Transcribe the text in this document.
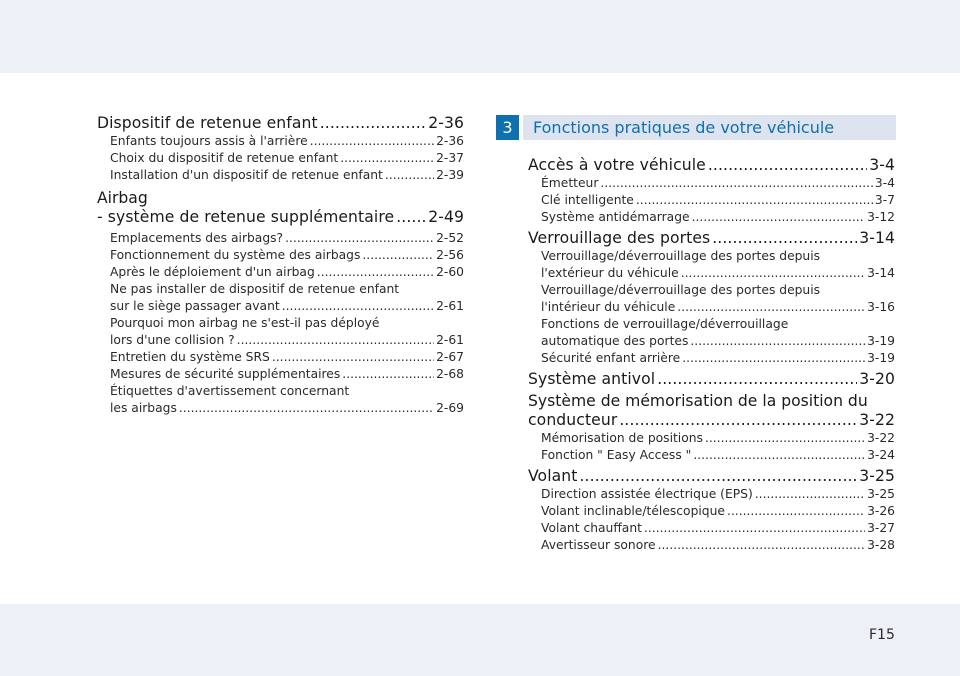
Dispositif de retenue enfant .....	2-36
Enfants toujours assis à l'arrière .....	2-36
Choix du dispositif de retenue enfant .....	2-37
Installation d'un dispositif de retenue enfant .....	2-39
Airbag
- système de retenue supplémentaire ..... 2-49
Emplacements des airbags? .....	2-52
Fonctionnement du système des airbags .....	2-56
Après le déploiement d'un airbag .....	2-60
Ne pas installer de dispositif de retenue enfant
sur le siège passager avant .....	2-61
Pourquoi mon airbag ne s'est-il pas déployé
lors d'une collision ? .....	2-61
Entretien du système SRS .....	2-67
Mesures de sécurité supplémentaires .....	2-68
Étiquettes d'avertissement concernant
les airbags .....	2-69
3	Fonctions pratiques de votre véhicule
Accès à votre véhicule .....	3-4
Émetteur .....	3-4
Clé intelligente .....	3-7
Système antidémarrage .....	3-12
Verrouillage des portes .....	3-14
Verrouillage/déverrouillage des portes depuis
l'extérieur du véhicule .....	3-14
Verrouillage/déverrouillage des portes depuis
l'intérieur du véhicule .....	3-16
Fonctions de verrouillage/déverrouillage
automatique des portes .....	3-19
Sécurité enfant arrière .....	3-19
Système antivol .....	3-20
Système de mémorisation de la position du
conducteur .....	3-22
Mémorisation de positions .....	3-22
Fonction " Easy Access " .....	3-24
Volant .....	3-25
Direction assistée électrique (EPS) .....	3-25
Volant inclinable/télescopique .....	3-26
Volant chauffant .....	3-27
Avertisseur sonore .....	3-28
F15
